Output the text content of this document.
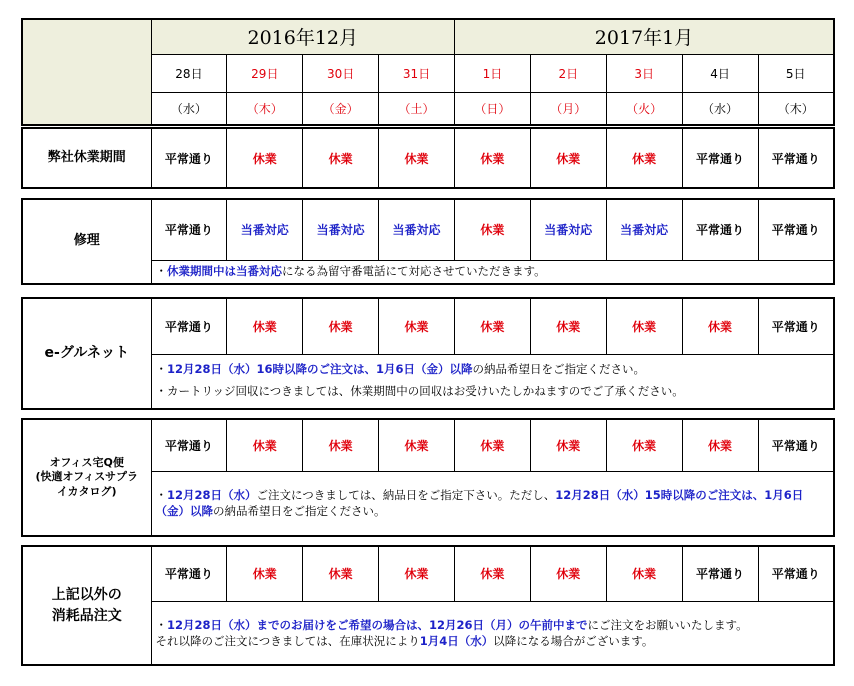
	2016年12月				2017年1月				
	28日	29日	30日	31日	1日	2日	3日	4日	5日
	（水）	（木）	（金）	（土）	（日）	（月）	（火）	（水）	（木）
弊社休業期間	平常通り	休業	休業	休業	休業	休業	休業	平常通り	平常通り
修理	平常通り	当番対応	当番対応	当番対応	休業	当番対応	当番対応	平常通り	平常通り
・休業期間中は当番対応になる為留守番電話にて対応させていただきます。
e-グルネット	平常通り	休業	休業	休業	休業	休業	休業	休業	平常通り

・12月28日（水）16時以降のご注文は、1月6日（金）以降の納品希望日をご指定ください。
・カートリッジ回収につきましては、休業期間中の回収はお受けいたしかねますのでご了承ください。
オフィス宅Q便
(快適オフィスサプラ
イカタログ)
	平常通り	休業	休業	休業	休業	休業	休業	休業	平常通り
・12月28日（水）ご注文につきましては、納品日をご指定下さい。ただし、12月28日（水）15時以降のご注文は、1月6日（金）以降の納品希望日をご指定ください。
上記以外の
消耗品注文
	平常通り	休業	休業	休業	休業	休業	休業	平常通り	平常通り

・12月28日（水）までのお届けをご希望の場合は、12月26日（月）の午前中までにご注文をお願いいたします。
それ以降のご注文につきましては、在庫状況により1月4日（水）以降になる場合がございます。
